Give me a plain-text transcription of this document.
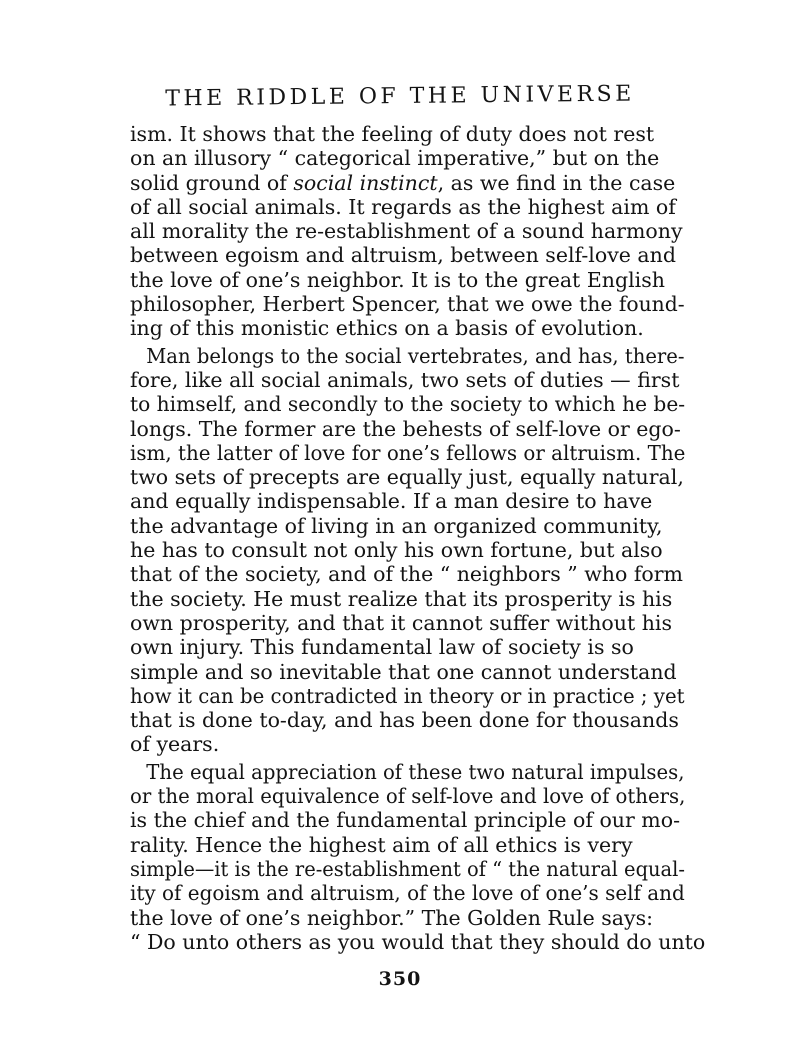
THE RIDDLE OF THE UNIVERSE
ism. It shows that the feeling of duty does not rest
on an illusory “ categorical imperative,” but on the
solid ground of social instinct, as we find in the case
of all social animals. It regards as the highest aim of
all morality the re-establishment of a sound harmony
between egoism and altruism, between self-love and
the love of one’s neighbor. It is to the great English
philosopher, Herbert Spencer, that we owe the found-
ing of this monistic ethics on a basis of evolution.
Man belongs to the social vertebrates, and has, there-
fore, like all social animals, two sets of duties — first
to himself, and secondly to the society to which he be-
longs. The former are the behests of self-love or ego-
ism, the latter of love for one’s fellows or altruism. The
two sets of precepts are equally just, equally natural,
and equally indispensable. If a man desire to have
the advantage of living in an organized community,
he has to consult not only his own fortune, but also
that of the society, and of the “ neighbors ” who form
the society. He must realize that its prosperity is his
own prosperity, and that it cannot suffer without his
own injury. This fundamental law of society is so
simple and so inevitable that one cannot understand
how it can be contradicted in theory or in practice ; yet
that is done to-day, and has been done for thousands
of years.
The equal appreciation of these two natural impulses,
or the moral equivalence of self-love and love of others,
is the chief and the fundamental principle of our mo-
rality. Hence the highest aim of all ethics is very
simple—it is the re-establishment of “ the natural equal-
ity of egoism and altruism, of the love of one’s self and
the love of one’s neighbor.” The Golden Rule says:
“ Do unto others as you would that they should do unto
350
